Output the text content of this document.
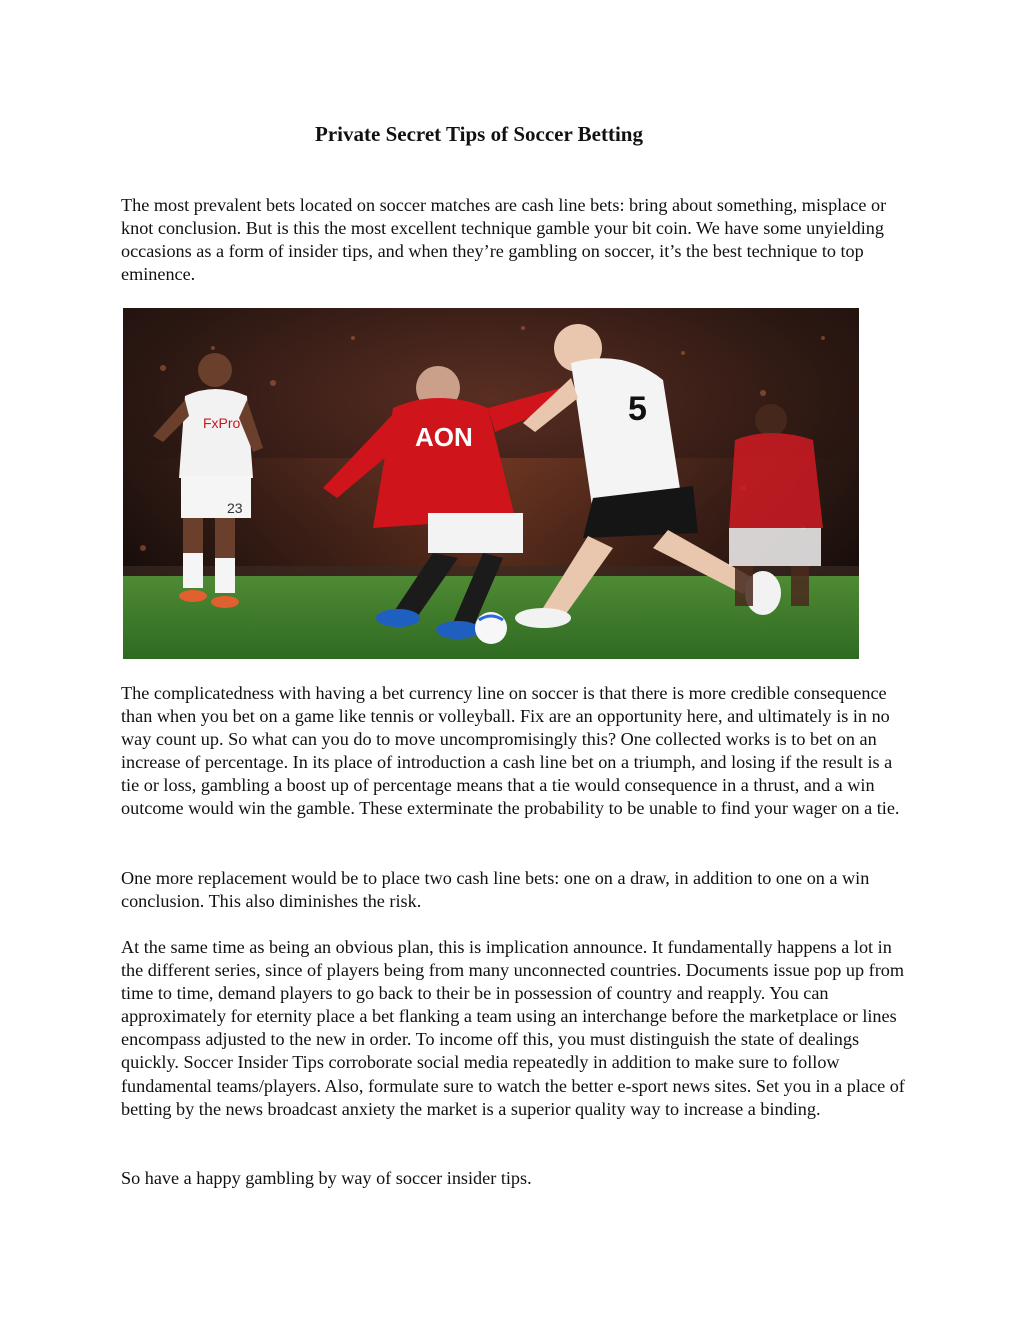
Private Secret Tips of Soccer Betting

The most prevalent bets located on soccer matches are cash line bets: bring about something, misplace or knot conclusion. But is this the most excellent technique gamble your bit coin. We have some unyielding occasions as a form of insider tips, and when they’re gambling on soccer, it’s the best technique to top eminence.

FxPro
23
AON
5

The complicatedness with having a bet currency line on soccer is that there is more credible consequence than when you bet on a game like tennis or volleyball. Fix are an opportunity here, and ultimately is in no way count up. So what can you do to move uncompromisingly this? One collected works is to bet on an increase of percentage. In its place of introduction a cash line bet on a triumph, and losing if the result is a tie or loss, gambling a boost up of percentage means that a tie would consequence in a thrust, and a win outcome would win the gamble. These exterminate the probability to be unable to find your wager on a tie.

One more replacement would be to place two cash line bets: one on a draw, in addition to one on a win conclusion. This also diminishes the risk.

At the same time as being an obvious plan, this is implication announce. It fundamentally happens a lot in the different series, since of players being from many unconnected countries. Documents issue pop up from time to time, demand players to go back to their be in possession of country and reapply. You can approximately for eternity place a bet flanking a team using an interchange before the marketplace or lines encompass adjusted to the new in order. To income off this, you must distinguish the state of dealings quickly. Soccer Insider Tips corroborate social media repeatedly in addition to make sure to follow fundamental teams/players. Also, formulate sure to watch the better e-sport news sites. Set you in a place of betting by the news broadcast anxiety the market is a superior quality way to increase a binding.

So have a happy gambling by way of soccer insider tips.
